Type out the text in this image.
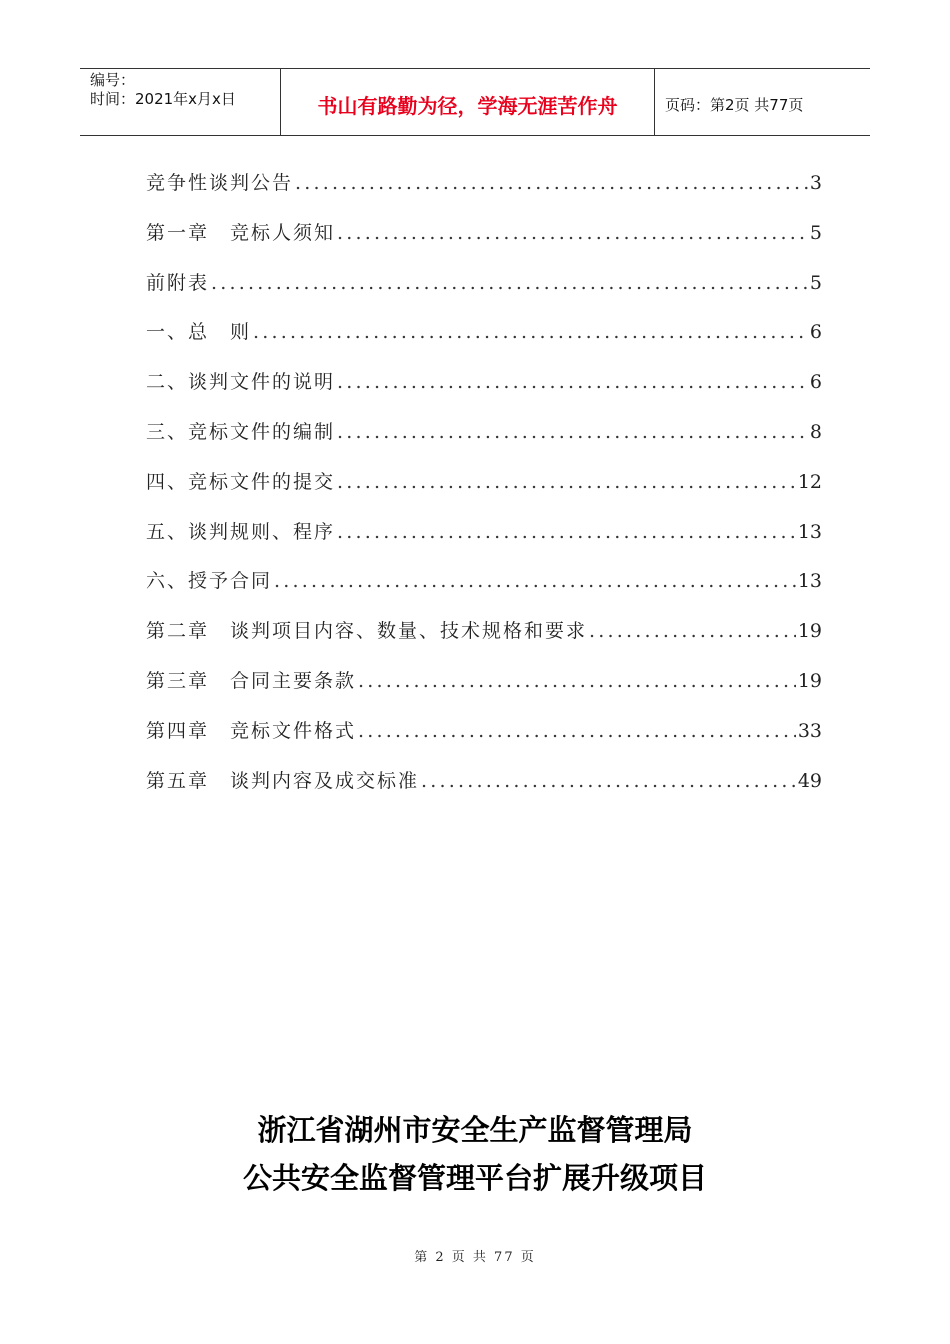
编号：
时间：2021年x月x日	书山有路勤为径，学海无涯苦作舟	页码：第2页 共77页
竞争性谈判公告 .....	3
第一章　竞标人须知 .....	5
前附表 .....	5
一、总　则 .....	6
二、谈判文件的说明 .....	6
三、竞标文件的编制 .....	8
四、竞标文件的提交 .....	12
五、谈判规则、程序 .....	13
六、授予合同 .....	13
第二章　谈判项目内容、数量、技术规格和要求 .....	19
第三章　合同主要条款 .....	19
第四章　竞标文件格式 .....	33
第五章　谈判内容及成交标准 .....	49
浙江省湖州市安全生产监督管理局
公共安全监督管理平台扩展升级项目
第 2 页 共 77 页
